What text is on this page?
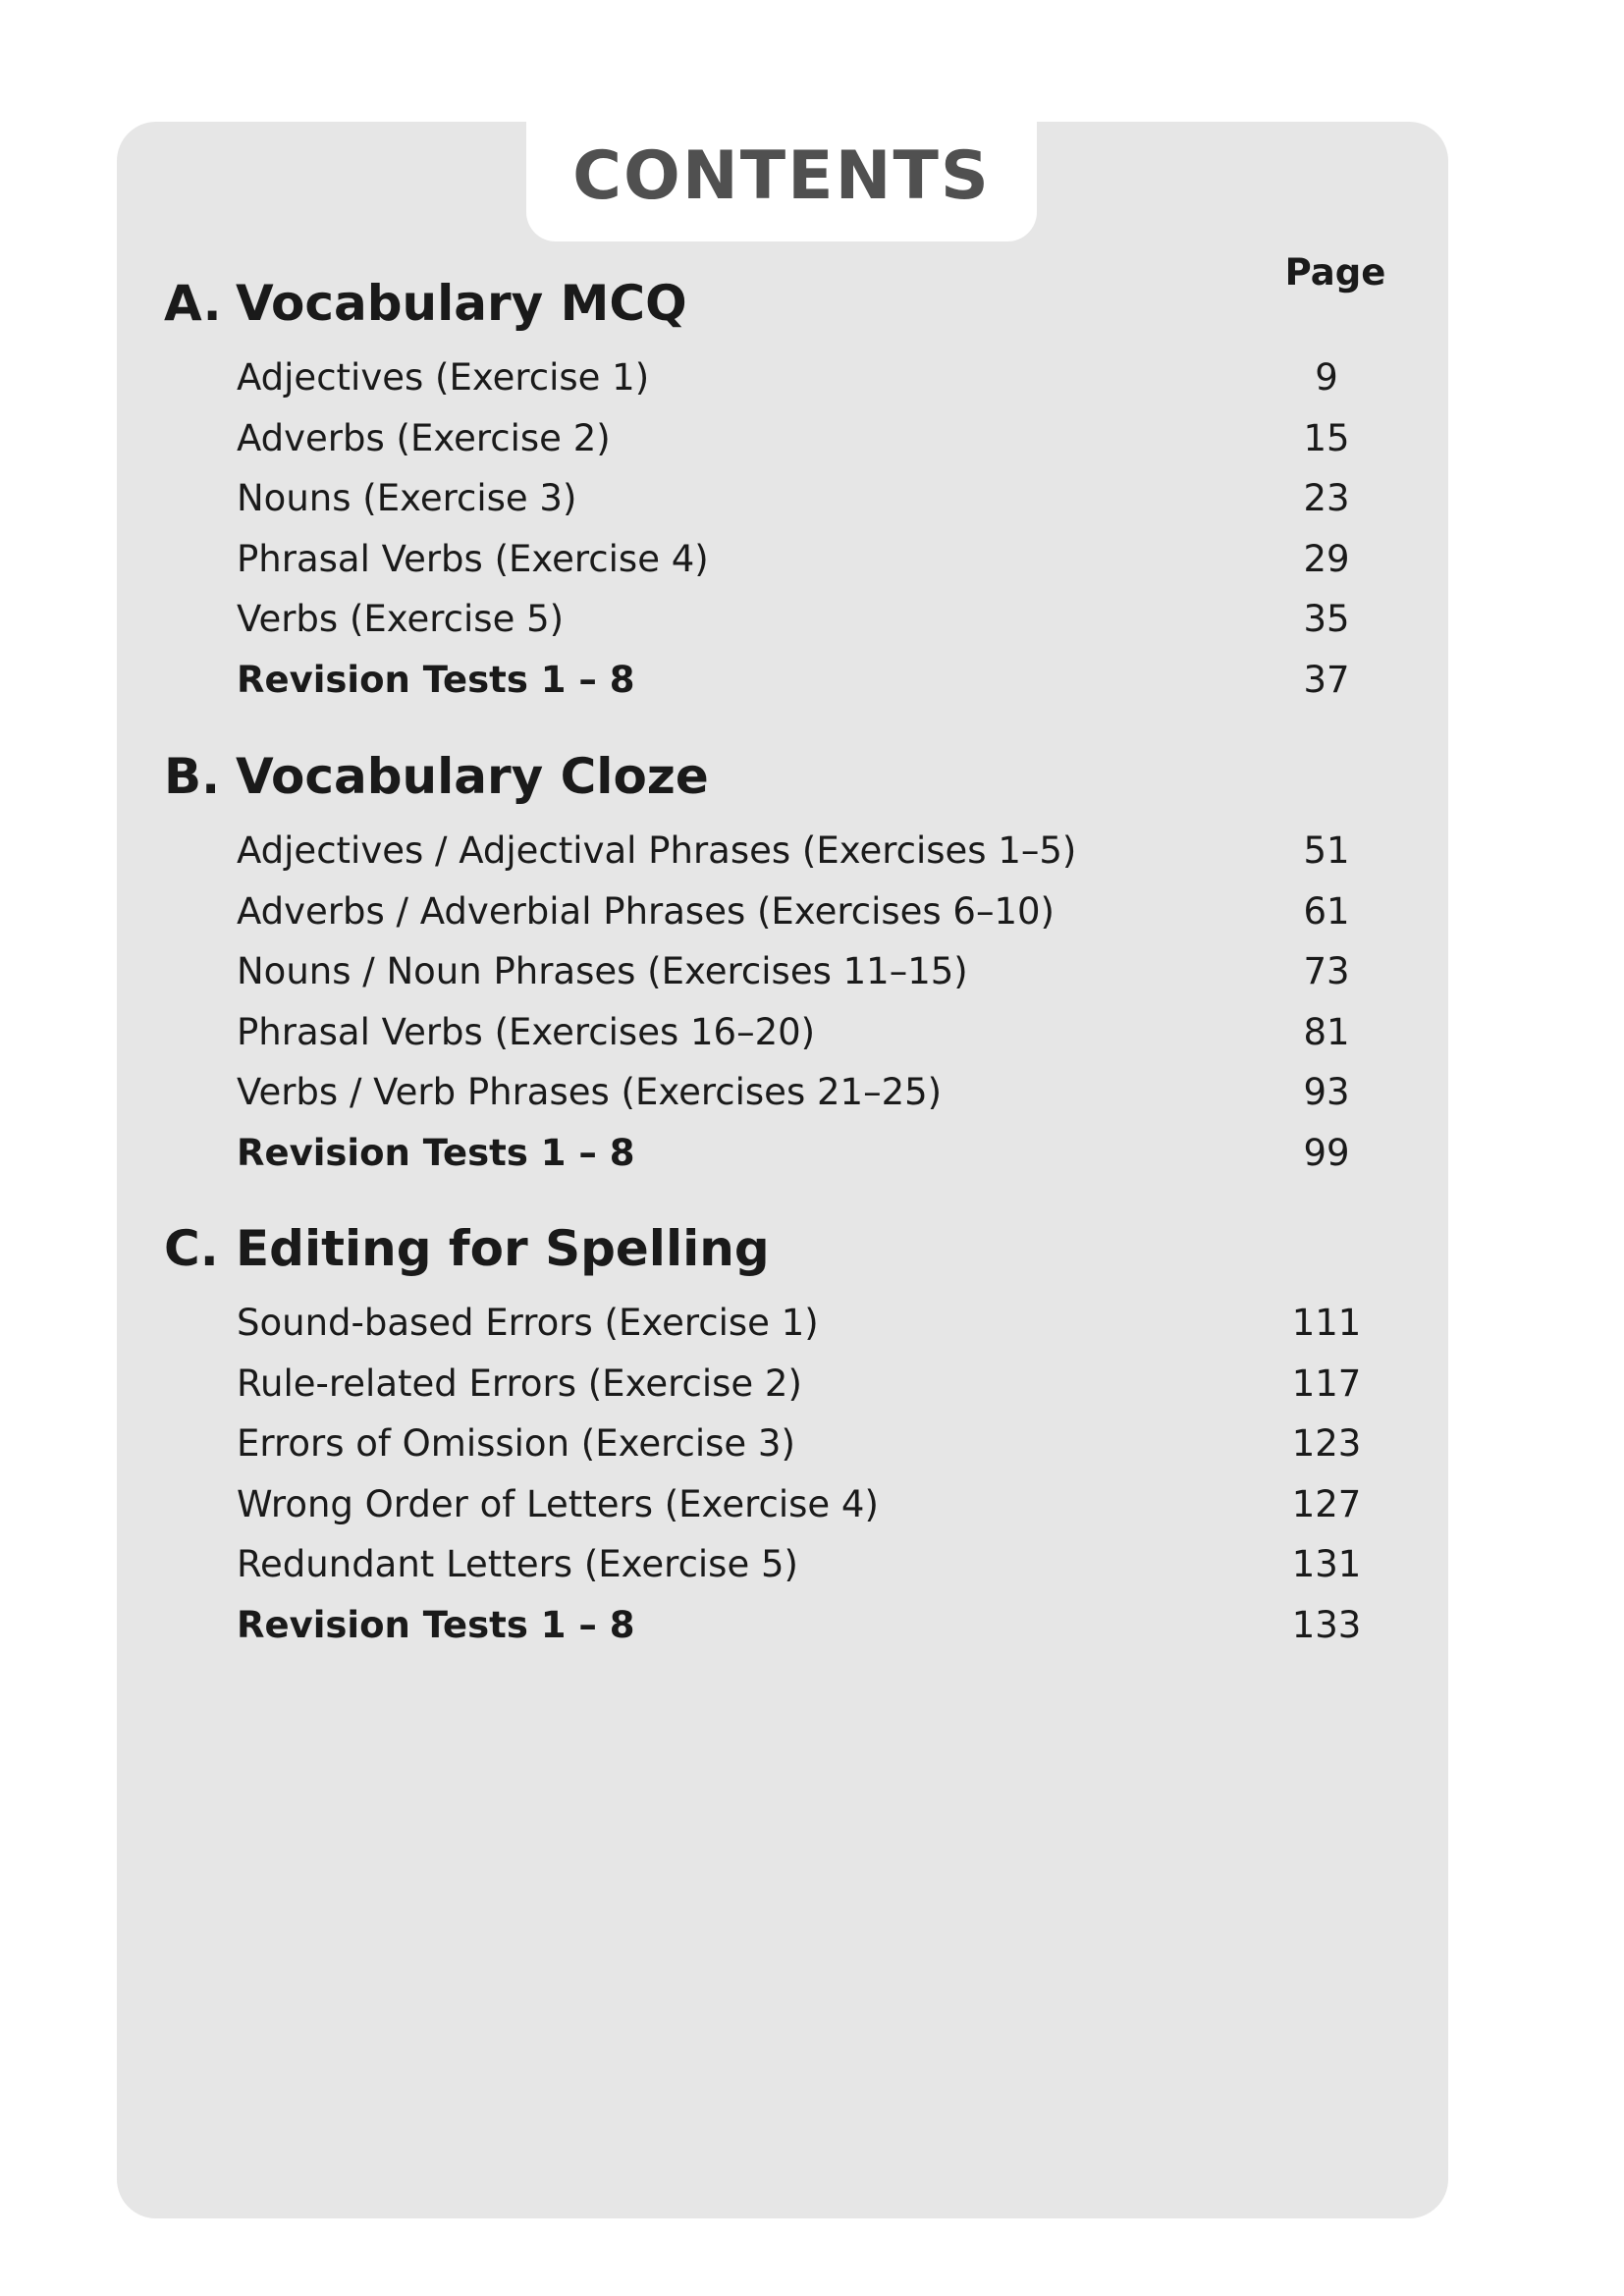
CONTENTS
Page
A. Vocabulary MCQ
Adjectives (Exercise 1)	9
Adverbs (Exercise 2)	15
Nouns (Exercise 3)	23
Phrasal Verbs (Exercise 4)	29
Verbs (Exercise 5)	35
Revision Tests 1 – 8	37
B. Vocabulary Cloze
Adjectives / Adjectival Phrases (Exercises 1–5)	51
Adverbs / Adverbial Phrases (Exercises 6–10)	61
Nouns / Noun Phrases (Exercises 11–15)	73
Phrasal Verbs (Exercises 16–20)	81
Verbs / Verb Phrases (Exercises 21–25)	93
Revision Tests 1 – 8	99
C. Editing for Spelling
Sound-based Errors (Exercise 1)	111
Rule-related Errors (Exercise 2)	117
Errors of Omission (Exercise 3)	123
Wrong Order of Letters (Exercise 4)	127
Redundant Letters (Exercise 5)	131
Revision Tests 1 – 8	133
